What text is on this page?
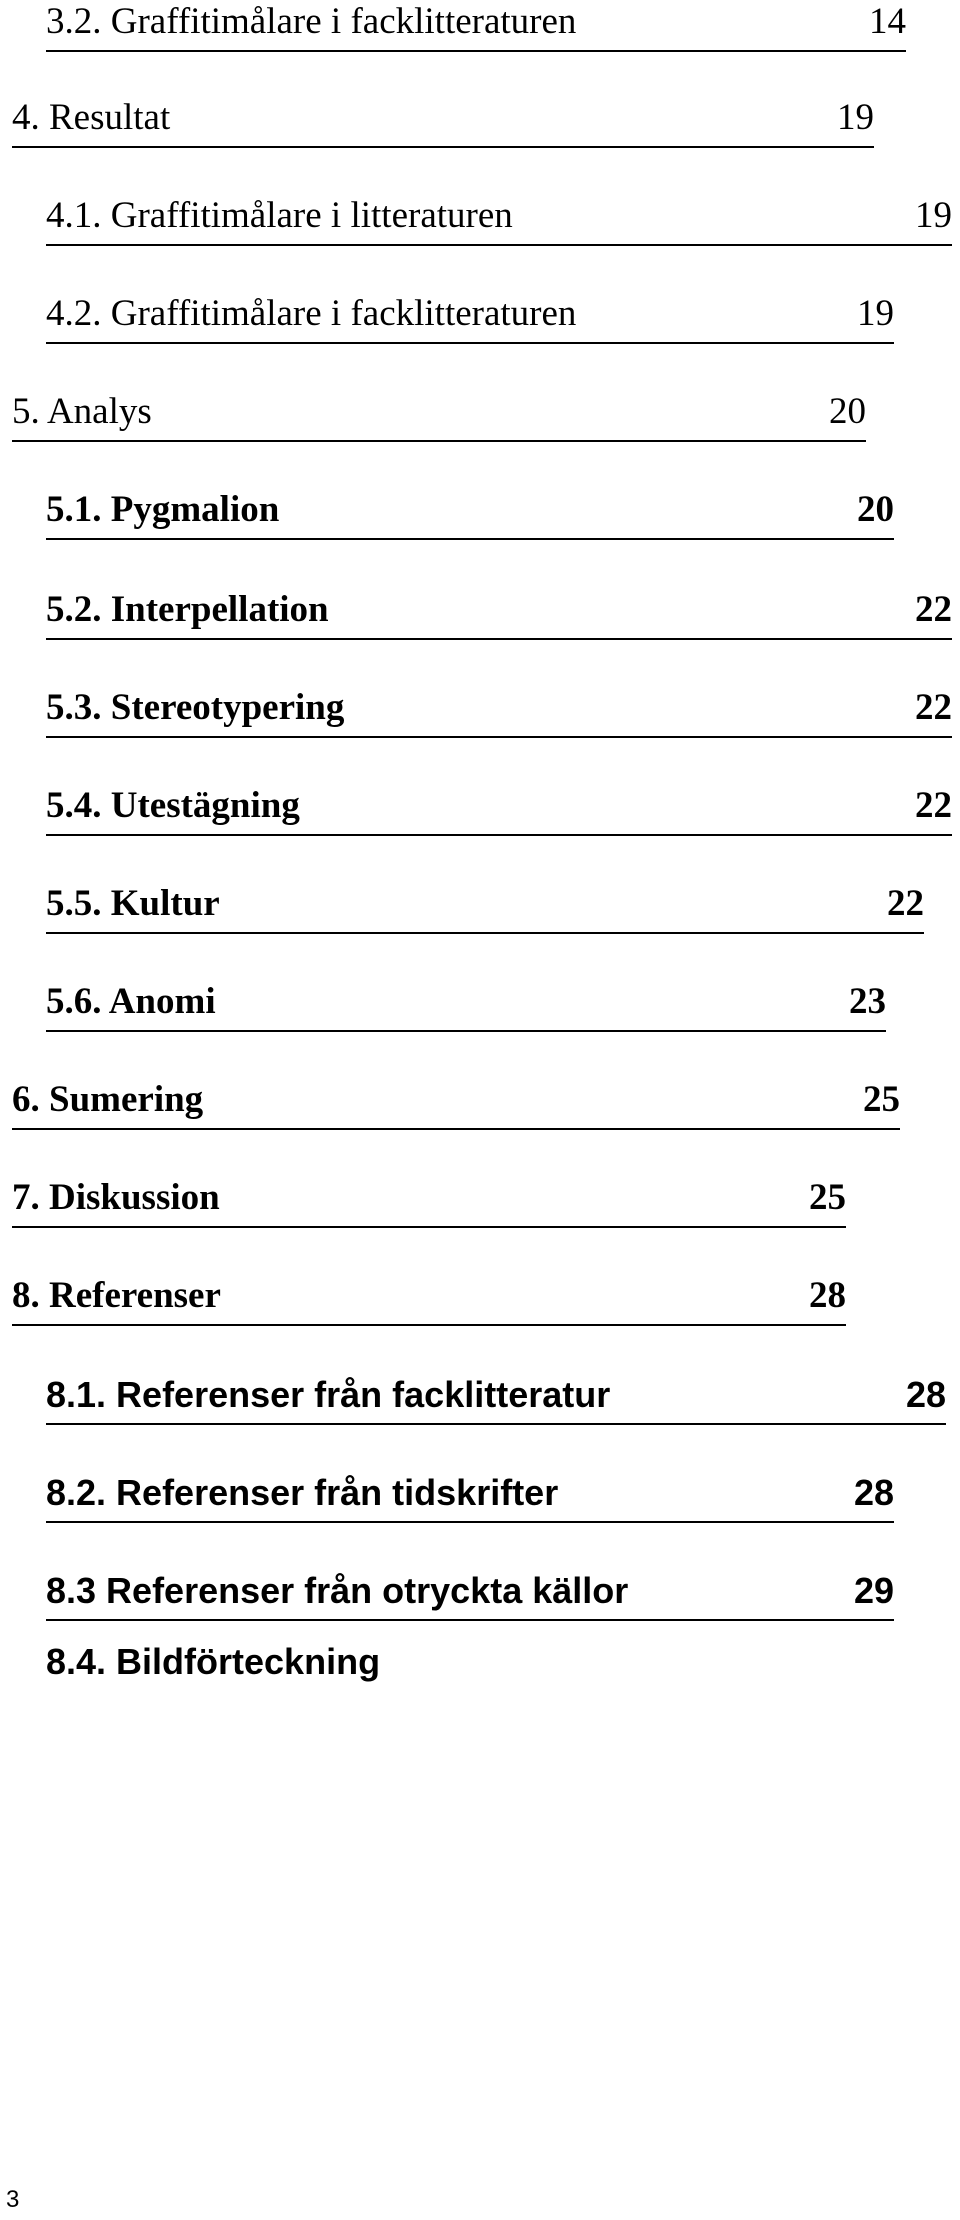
3.2. Graffitimålare i facklitteraturen	14
4. Resultat	19
4.1. Graffitimålare i litteraturen	19
4.2. Graffitimålare i facklitteraturen	19
5. Analys	20
5.1. Pygmalion	20
5.2. Interpellation	22
5.3. Stereotypering	22
5.4. Utestägning	22
5.5. Kultur	22
5.6. Anomi	23
6. Sumering	25
7. Diskussion	25
8. Referenser	28
8.1. Referenser från facklitteratur	28
8.2. Referenser från tidskrifter	28
8.3 Referenser från otryckta källor	29
8.4. Bildförteckning
3
